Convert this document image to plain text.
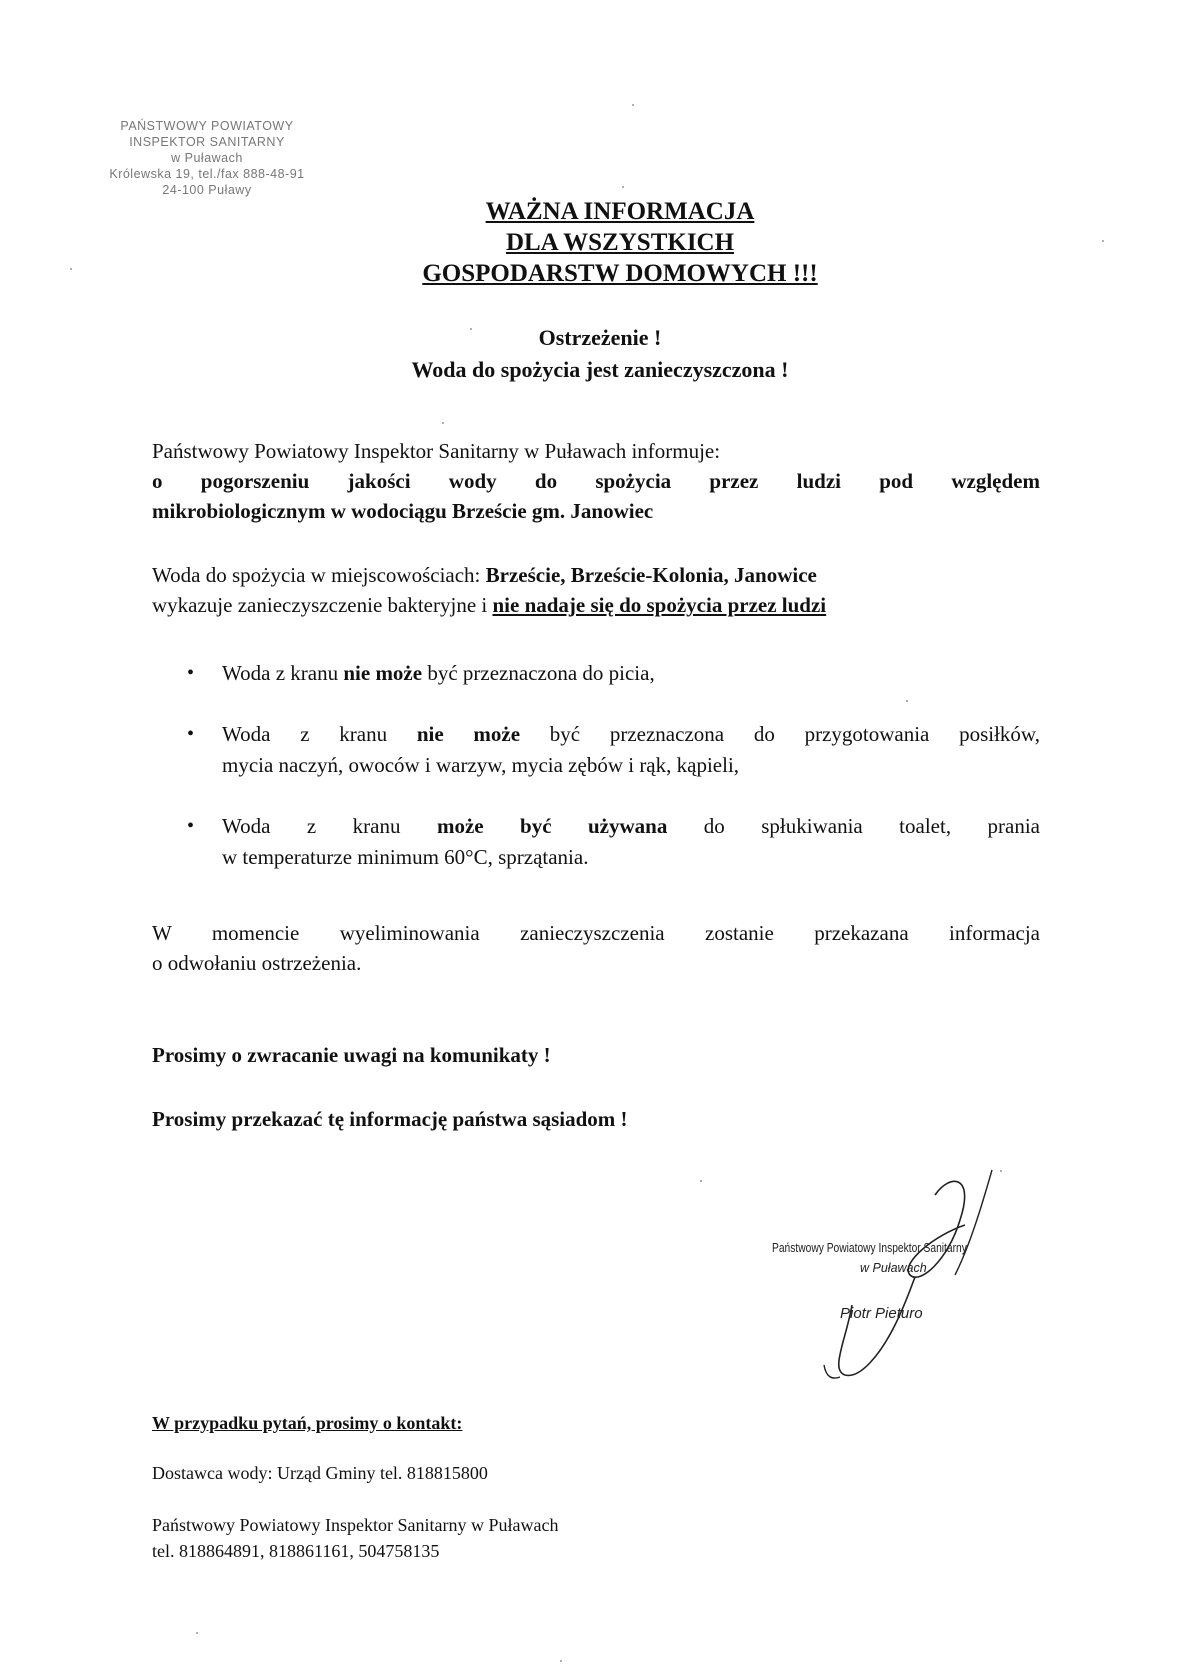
PAŃSTWOWY POWIATOWY
INSPEKTOR SANITARNY
w Puławach
Królewska 19, tel./fax 888-48-91
24-100 Puławy
WAŻNA INFORMACJA
DLA WSZYSTKICH
GOSPODARSTW DOMOWYCH !!!
Ostrzeżenie !
Woda do spożycia jest zanieczyszczona !
Państwowy Powiatowy Inspektor Sanitarny w Puławach informuje:
o pogorszeniu jakości wody do spożycia przez ludzi pod względem
mikrobiologicznym w wodociągu Brzeście gm. Janowiec
Woda do spożycia w miejscowościach: Brzeście, Brzeście-Kolonia, Janowice
wykazuje zanieczyszczenie bakteryjne i nie nadaje się do spożycia przez ludzi
• Woda z kranu nie może być przeznaczona do picia,
• Woda z kranu nie może być przeznaczona do przygotowania posiłków,
mycia naczyń, owoców i warzyw, mycia zębów i rąk, kąpieli,
• Woda z kranu może być używana do spłukiwania toalet, prania
w temperaturze minimum 60°C, sprzątania.
W momencie wyeliminowania zanieczyszczenia zostanie przekazana informacja
o odwołaniu ostrzeżenia.
Prosimy o zwracanie uwagi na komunikaty !
Prosimy przekazać tę informację państwa sąsiadom !
Państwowy Powiatowy Inspektor Sanitarny
w Puławach
Piotr Pieturo
W przypadku pytań, prosimy o kontakt:
Dostawca wody: Urząd Gminy tel. 818815800
Państwowy Powiatowy Inspektor Sanitarny w Puławach
tel. 818864891, 818861161, 504758135
